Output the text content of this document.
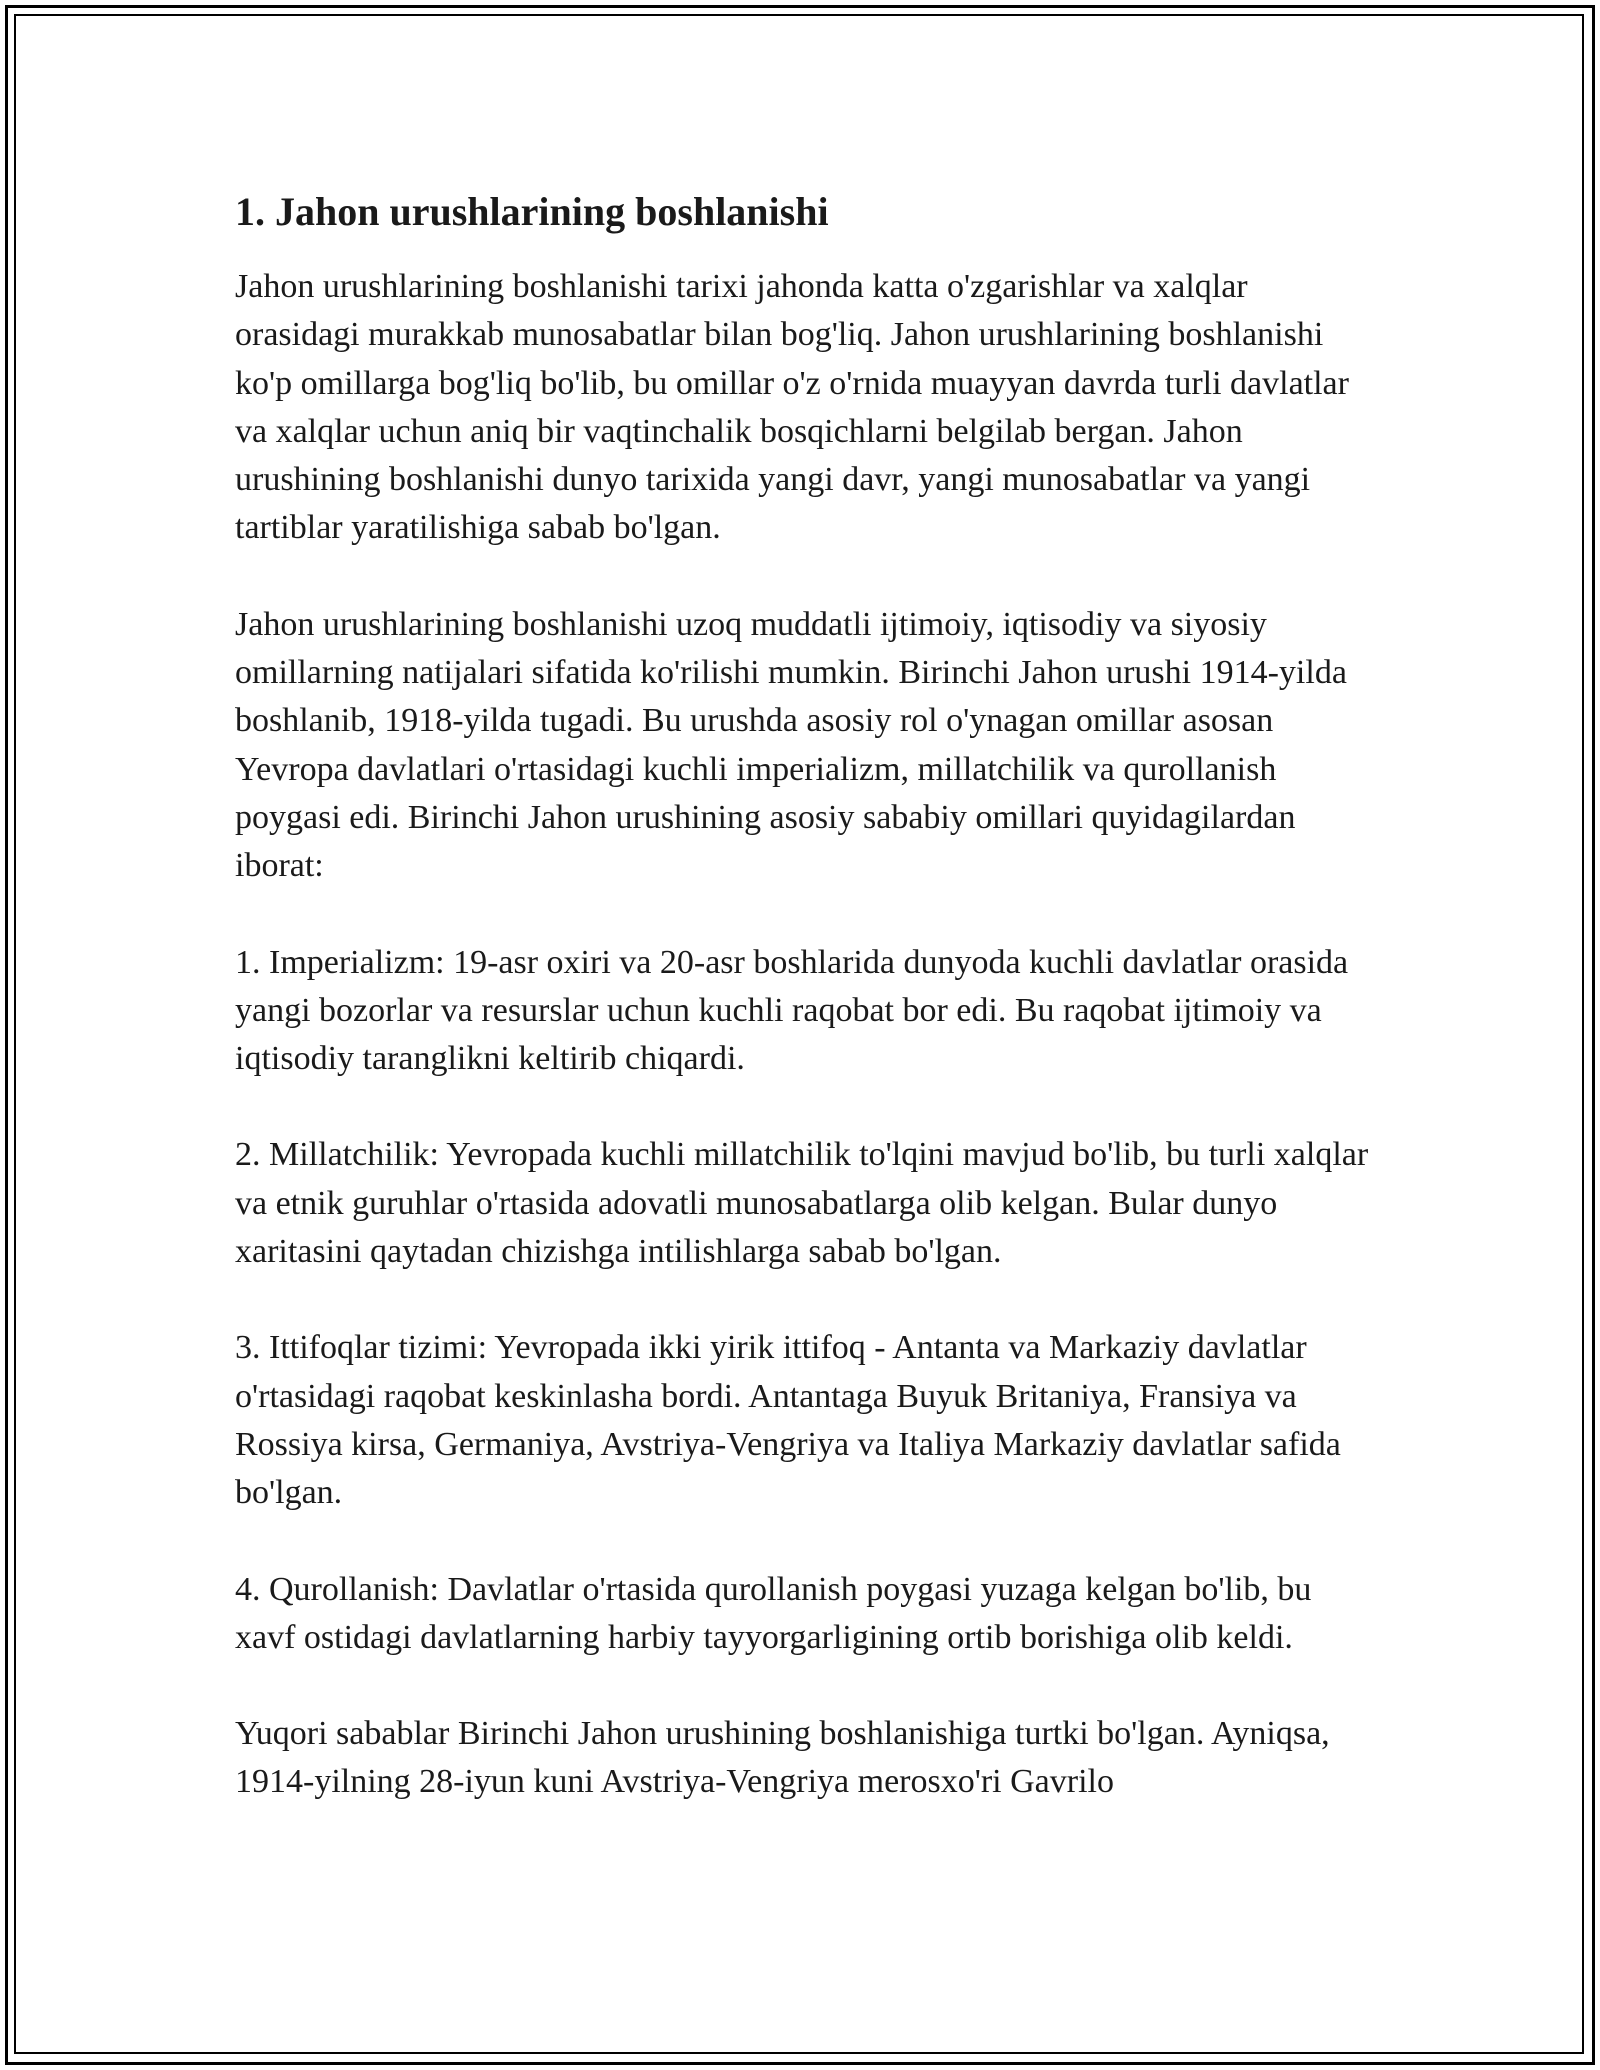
1. Jahon urushlarining boshlanishi

Jahon urushlarining boshlanishi tarixi jahonda katta o'zgarishlar va xalqlar orasidagi murakkab munosabatlar bilan bog'liq. Jahon urushlarining boshlanishi ko'p omillarga bog'liq bo'lib, bu omillar o'z o'rnida muayyan davrda turli davlatlar va xalqlar uchun aniq bir vaqtinchalik bosqichlarni belgilab bergan. Jahon urushining boshlanishi dunyo tarixida yangi davr, yangi munosabatlar va yangi tartiblar yaratilishiga sabab bo'lgan.

Jahon urushlarining boshlanishi uzoq muddatli ijtimoiy, iqtisodiy va siyosiy omillarning natijalari sifatida ko'rilishi mumkin. Birinchi Jahon urushi 1914-yilda boshlanib, 1918-yilda tugadi. Bu urushda asosiy rol o'ynagan omillar asosan Yevropa davlatlari o'rtasidagi kuchli imperializm, millatchilik va qurollanish poygasi edi. Birinchi Jahon urushining asosiy sababiy omillari quyidagilardan iborat:

1. Imperializm: 19-asr oxiri va 20-asr boshlarida dunyoda kuchli davlatlar orasida yangi bozorlar va resurslar uchun kuchli raqobat bor edi. Bu raqobat ijtimoiy va iqtisodiy taranglikni keltirib chiqardi.

2. Millatchilik: Yevropada kuchli millatchilik to'lqini mavjud bo'lib, bu turli xalqlar va etnik guruhlar o'rtasida adovatli munosabatlarga olib kelgan. Bular dunyo xaritasini qaytadan chizishga intilishlarga sabab bo'lgan.

3. Ittifoqlar tizimi: Yevropada ikki yirik ittifoq - Antanta va Markaziy davlatlar o'rtasidagi raqobat keskinlasha bordi. Antantaga Buyuk Britaniya, Fransiya va Rossiya kirsa, Germaniya, Avstriya-Vengriya va Italiya Markaziy davlatlar safida bo'lgan.

4. Qurollanish: Davlatlar o'rtasida qurollanish poygasi yuzaga kelgan bo'lib, bu xavf ostidagi davlatlarning harbiy tayyorgarligining ortib borishiga olib keldi.

Yuqori sabablar Birinchi Jahon urushining boshlanishiga turtki bo'lgan. Ayniqsa, 1914-yilning 28-iyun kuni Avstriya-Vengriya merosxo'ri Gavrilo
